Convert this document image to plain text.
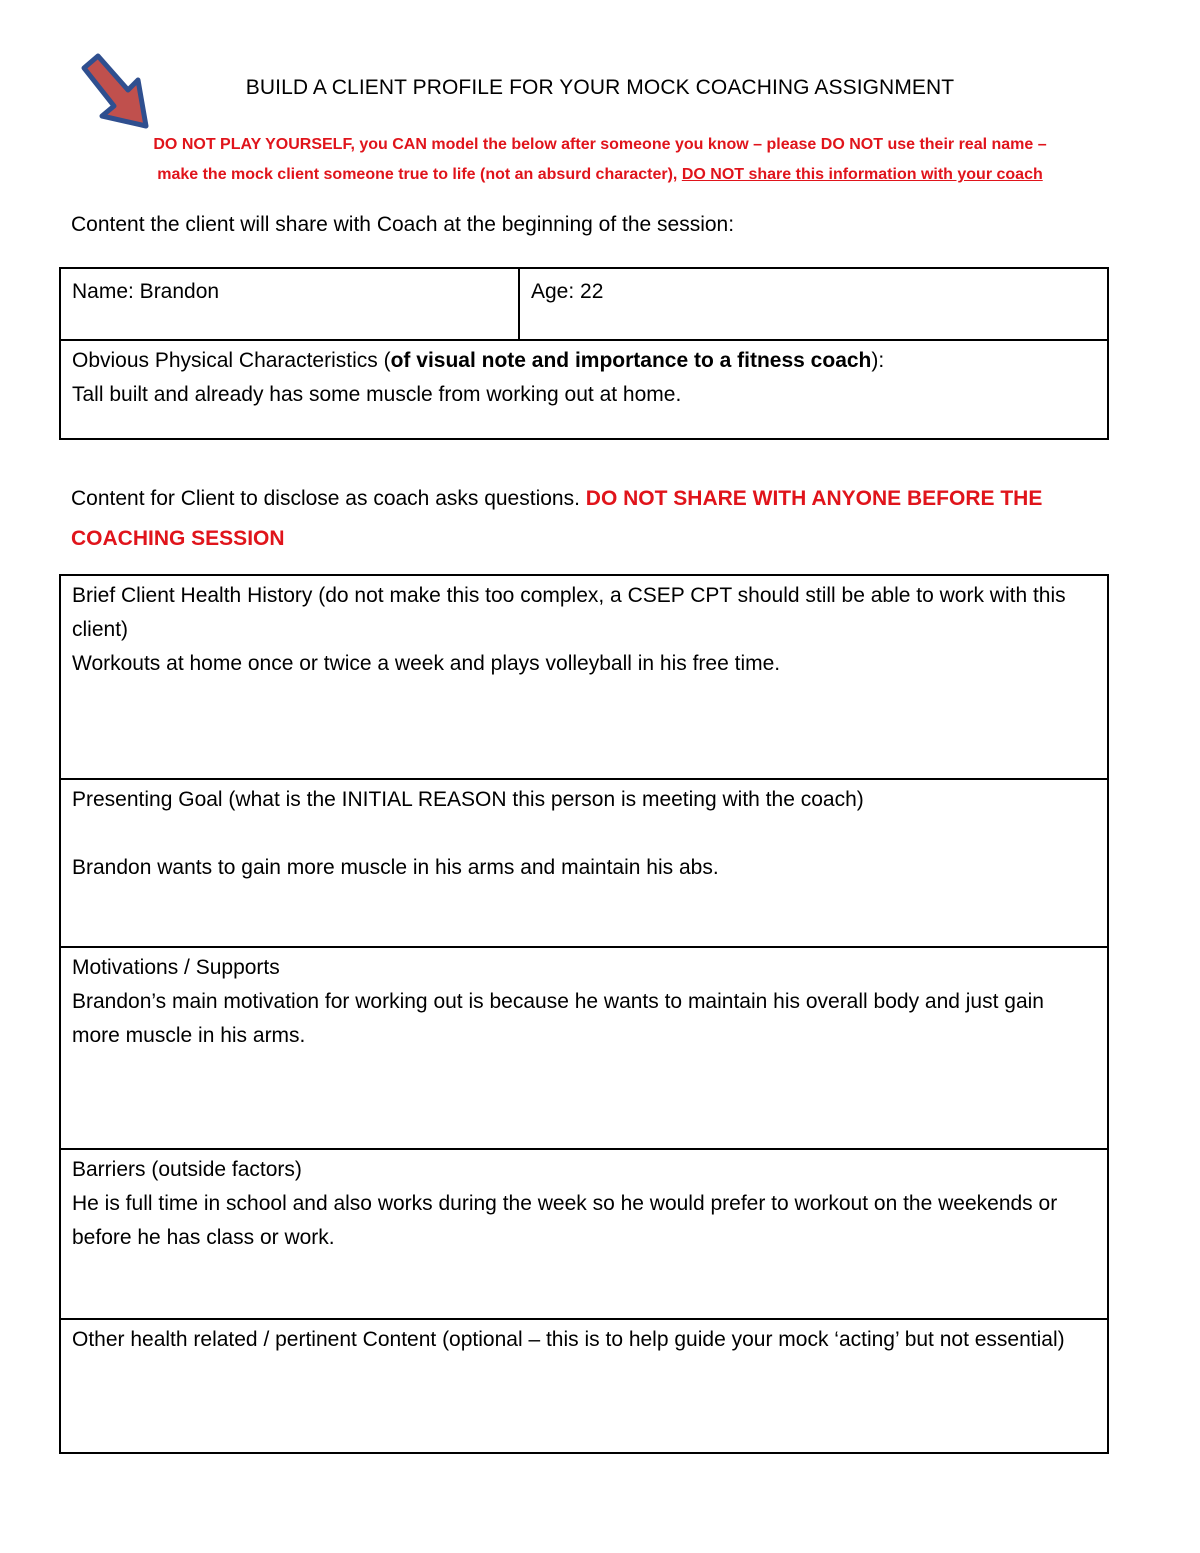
BUILD A CLIENT PROFILE FOR YOUR MOCK COACHING ASSIGNMENT
DO NOT PLAY YOURSELF, you CAN model the below after someone you know – please DO NOT use their real name –
make the mock client someone true to life (not an absurd character), DO NOT share this information with your coach
Content the client will share with Coach at the beginning of the session:
Name: Brandon	Age: 22
Obvious Physical Characteristics (of visual note and importance to a fitness coach):
Tall built and already has some muscle from working out at home.
Content for Client to disclose as coach asks questions. DO NOT SHARE WITH ANYONE BEFORE THE COACHING SESSION
Brief Client Health History (do not make this too complex, a CSEP CPT should still be able to work with this client)
Workouts at home once or twice a week and plays volleyball in his free time.
Presenting Goal (what is the INITIAL REASON this person is meeting with the coach)
Brandon wants to gain more muscle in his arms and maintain his abs.
Motivations / Supports
Brandon’s main motivation for working out is because he wants to maintain his overall body and just gain more muscle in his arms.
Barriers (outside factors)
He is full time in school and also works during the week so he would prefer to workout on the weekends or before he has class or work.
Other health related / pertinent Content (optional – this is to help guide your mock ‘acting’ but not essential)
